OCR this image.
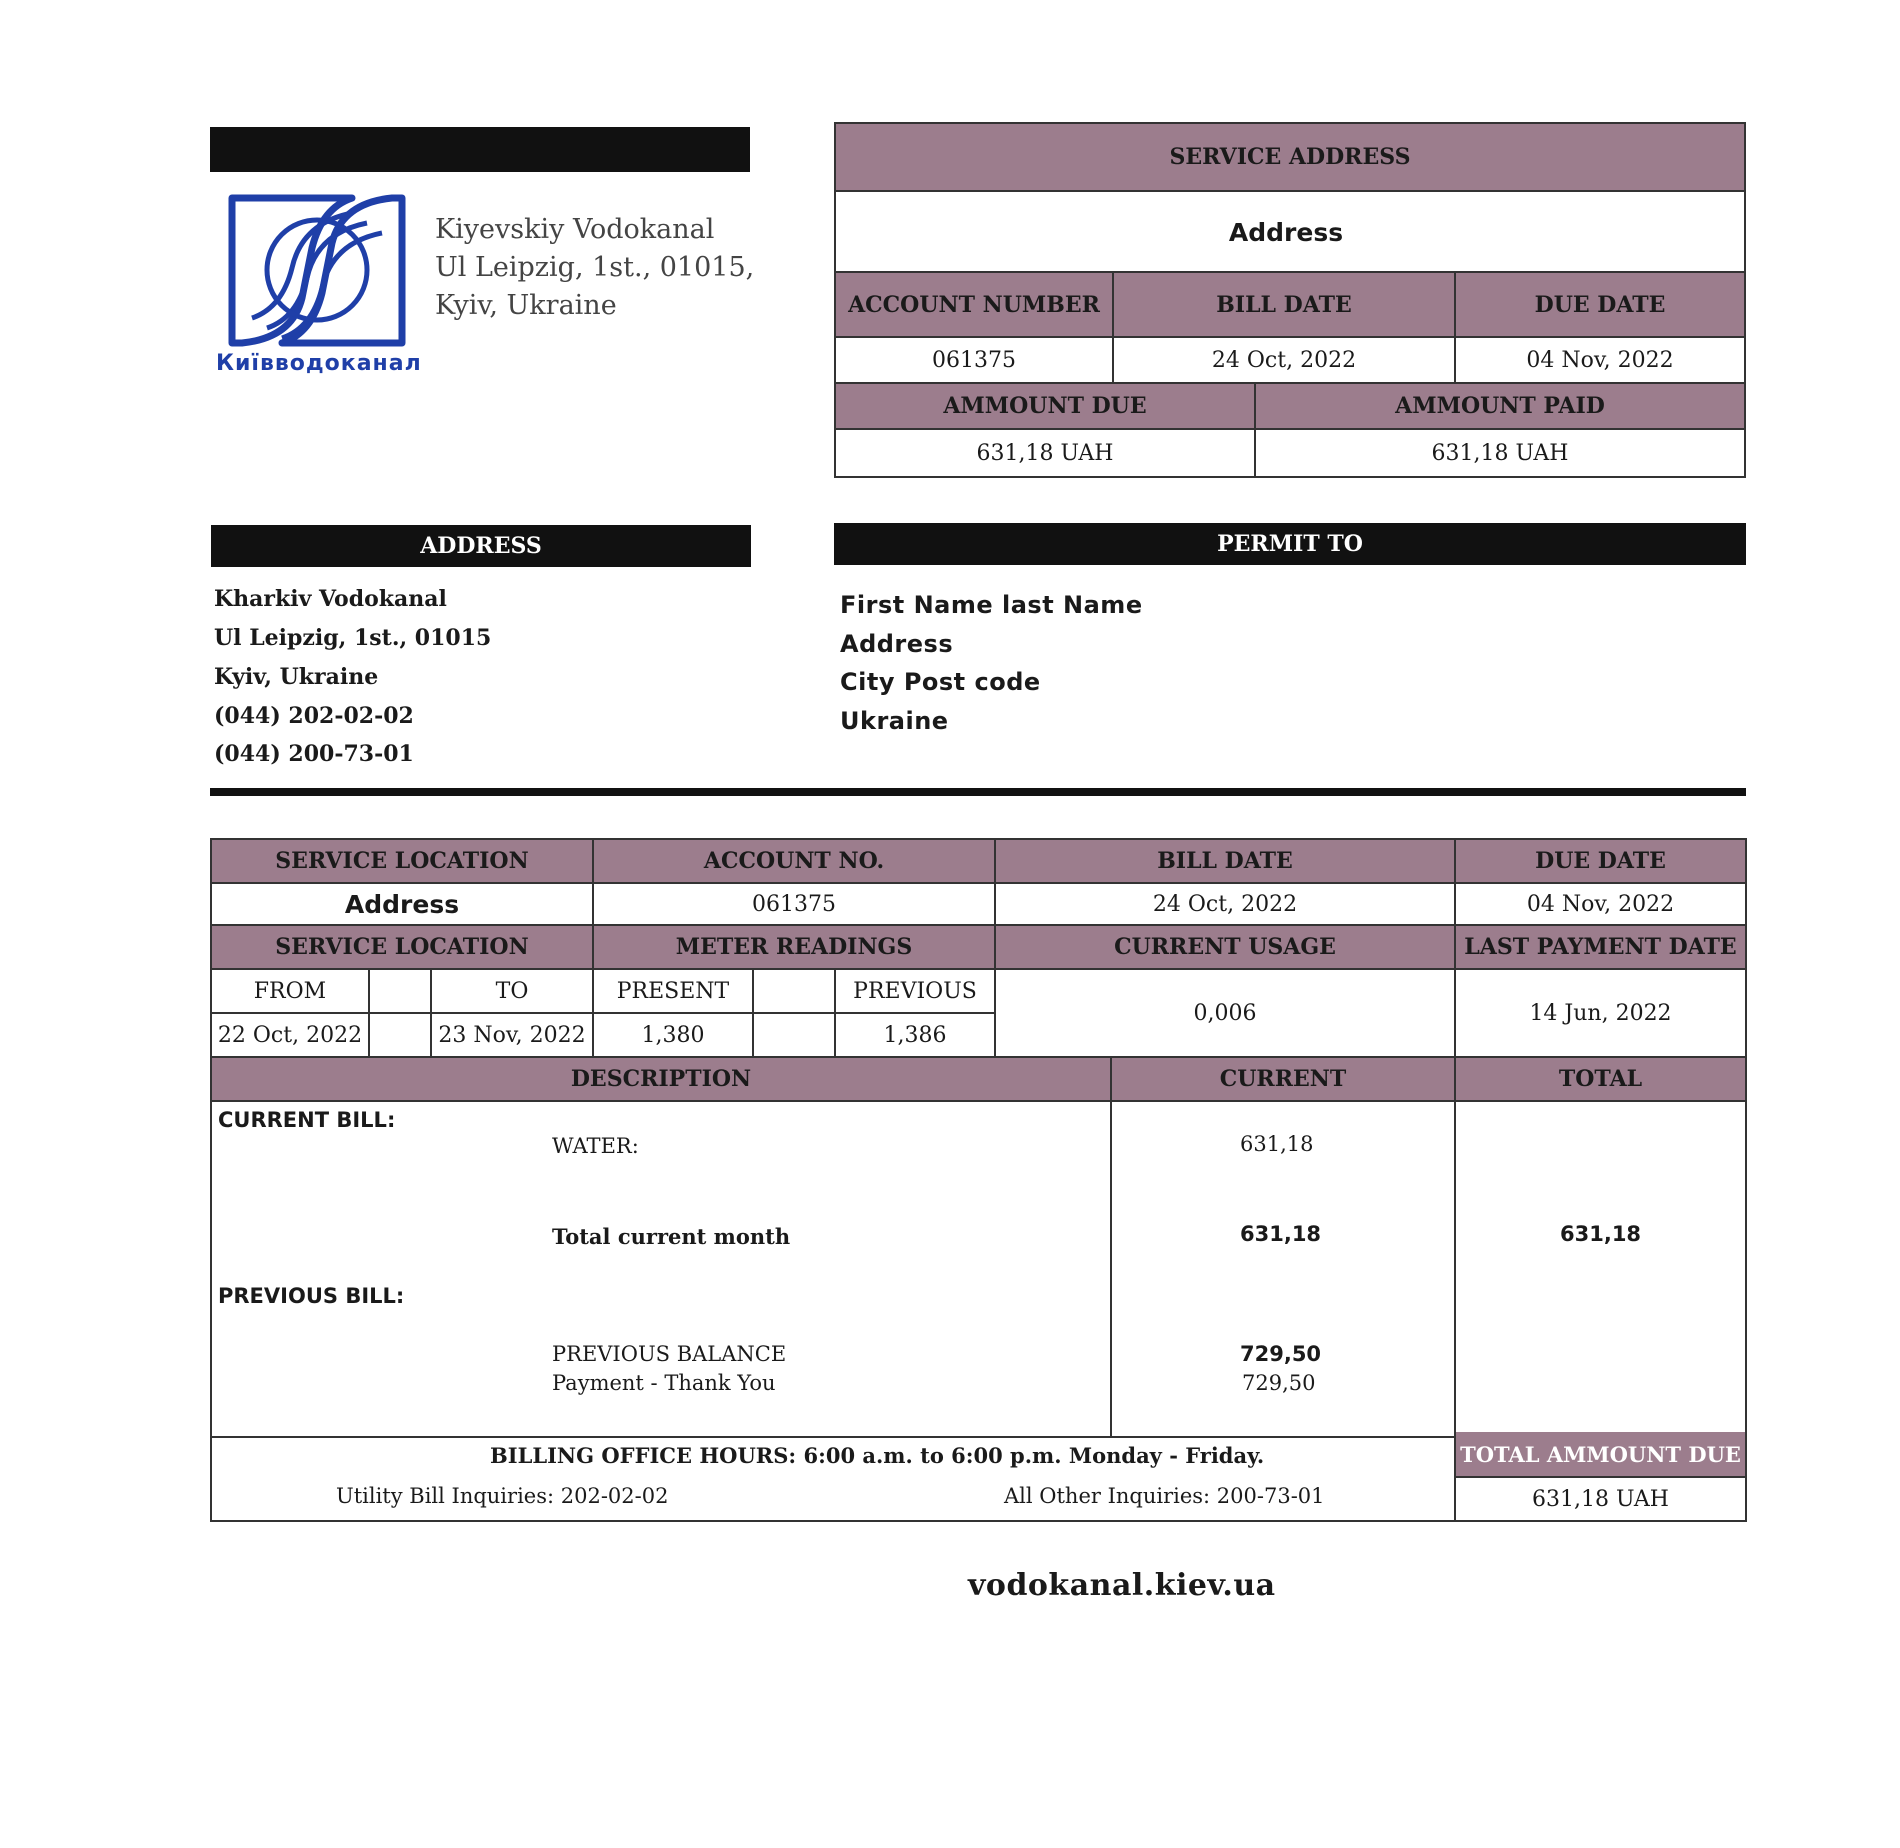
Київводоканал
Kiyevskiy Vodokanal
Ul Leipzig, 1st., 01015,
Kyiv, Ukraine
SERVICE ADDRESS
Address
ACCOUNT NUMBER	BILL DATE	DUE DATE
061375	24 Oct, 2022	04 Nov, 2022
AMMOUNT DUE	AMMOUNT PAID
631,18 UAH	631,18 UAH
ADDRESS
Kharkiv Vodokanal
Ul Leipzig, 1st., 01015
Kyiv, Ukraine
(044) 202-02-02
(044) 200-73-01
PERMIT TO
First Name last Name
Address
City Post code
Ukraine
SERVICE LOCATION	ACCOUNT NO.	BILL DATE	DUE DATE
Address	061375	24 Oct, 2022	04 Nov, 2022
SERVICE LOCATION	METER READINGS	CURRENT USAGE	LAST PAYMENT DATE
FROM	TO	PRESENT	PREVIOUS
22 Oct, 2022	23 Nov, 2022	1,380	1,386
0,006	14 Jun, 2022
DESCRIPTION	CURRENT	TOTAL
CURRENT BILL:
WATER:	631,18
Total current month	631,18	631,18
PREVIOUS BILL:
PREVIOUS BALANCE	729,50
Payment - Thank You	729,50
BILLING OFFICE HOURS: 6:00 a.m. to 6:00 p.m. Monday - Friday.
Utility Bill Inquiries: 202-02-02	All Other Inquiries: 200-73-01
TOTAL AMMOUNT DUE
631,18 UAH
vodokanal.kiev.ua
